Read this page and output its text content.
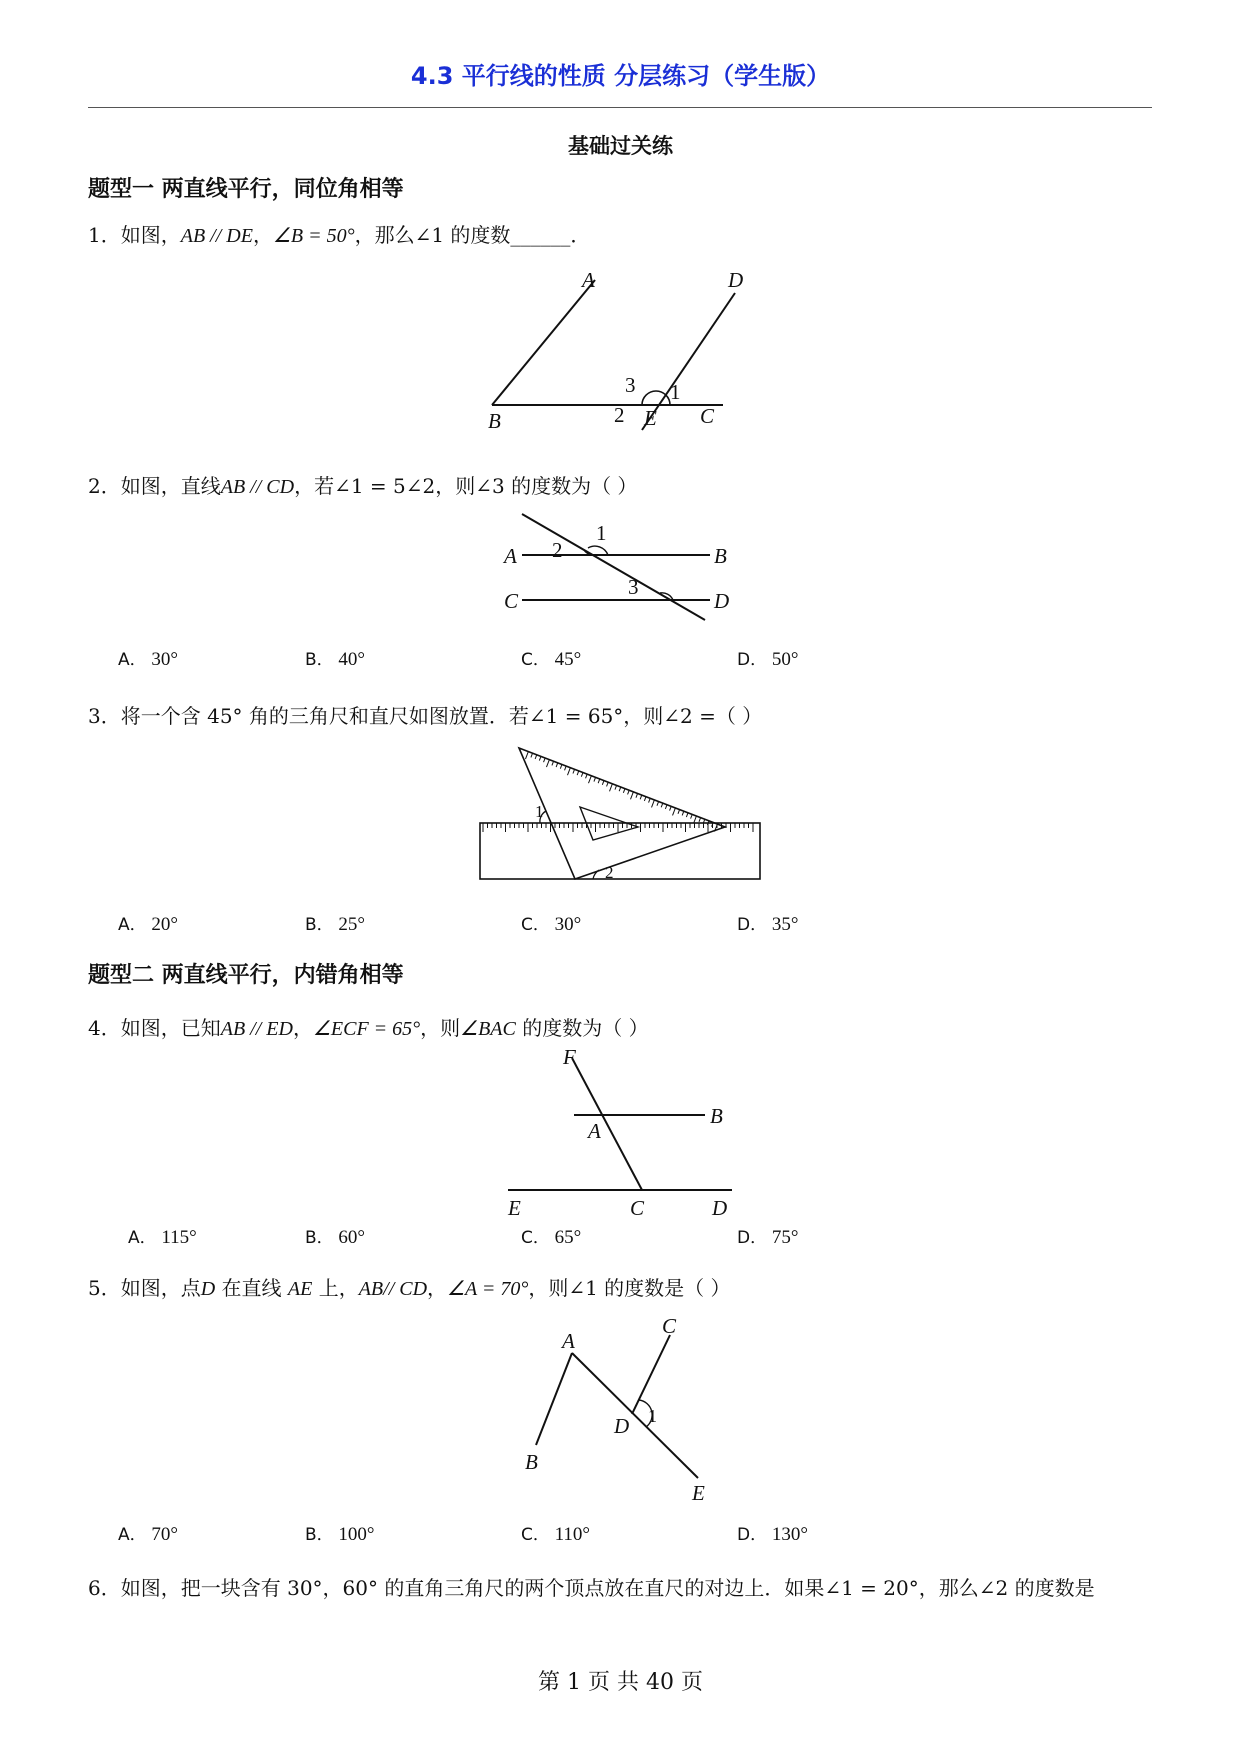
4.3 平行线的性质 分层练习（学生版）
基础过关练
题型一 两直线平行，同位角相等
1．如图，AB // DE，∠B = 50°，那么∠1 的度数______．
A	D
B	E C
1
2
3
2．如图，直线AB // CD，若∠1 = 5∠2，则∠3 的度数为（ ）
A	B
C	D
1
2
3
A． 30°	B． 40°	C． 45°	D． 50°
3．将一个含 45° 角的三角尺和直尺如图放置．若∠1 = 65°，则∠2 =（ ）
1
2
A． 20°	B． 25°	C． 30°	D． 35°
题型二 两直线平行，内错角相等
4．如图，已知AB // ED，∠ECF = 65°，则∠BAC 的度数为（ ）
F
A
B
E	C	D
A． 115°	B． 60°	C． 65°	D． 75°
5．如图，点D 在直线 AE 上，AB// CD，∠A = 70°，则∠1 的度数是（ ）
A
B
C
D
E
1
A． 70°	B． 100°	C． 110°	D． 130°
6．如图，把一块含有 30°，60° 的直角三角尺的两个顶点放在直尺的对边上．如果∠1 = 20°，那么∠2 的度数是
第 1 页 共 40 页
